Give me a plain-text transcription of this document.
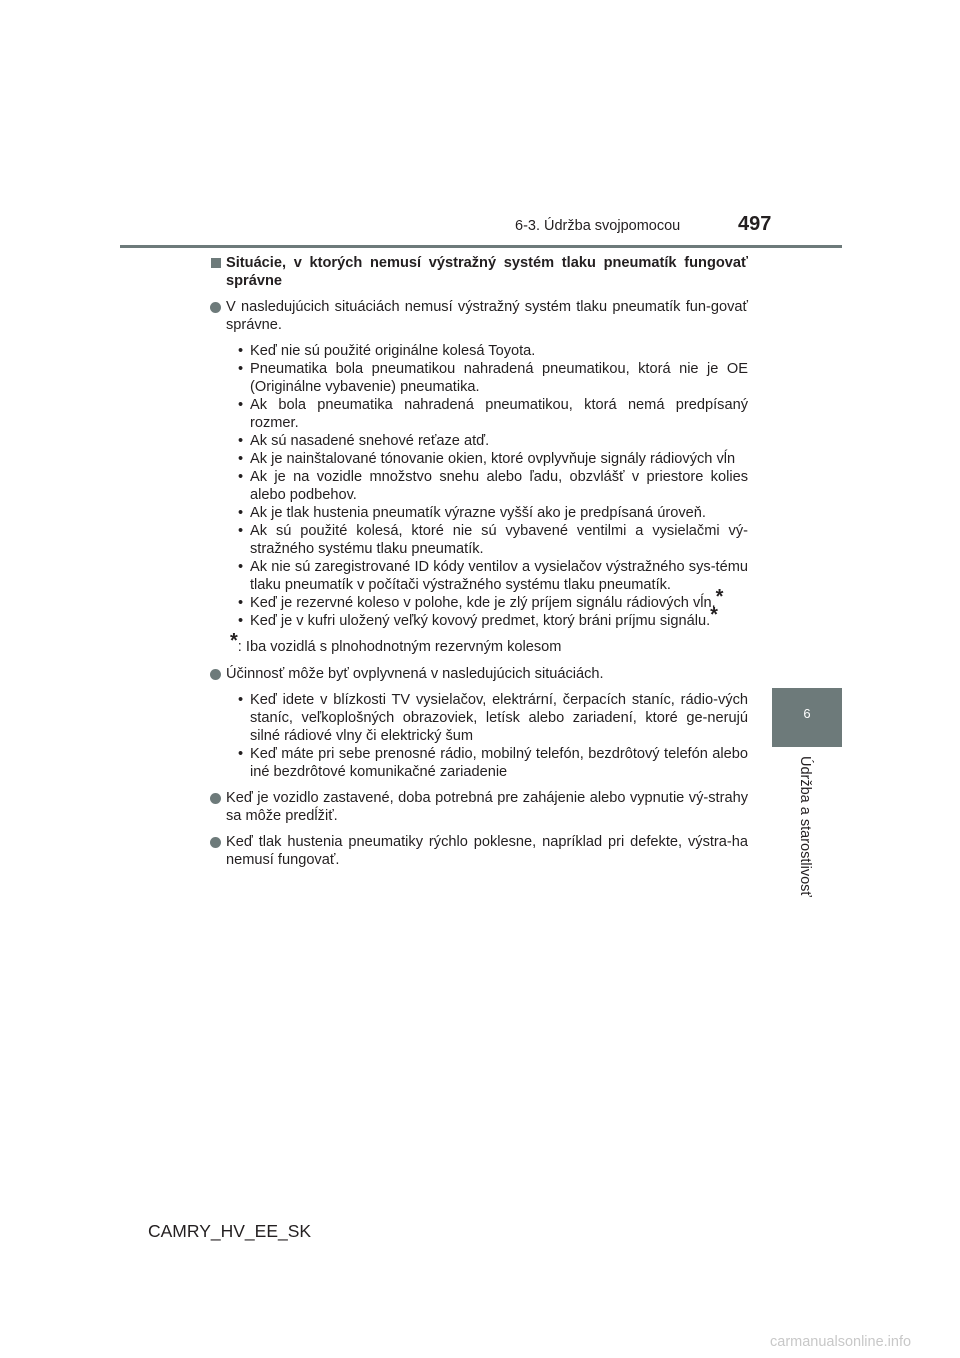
6-3. Údržba svojpomocou	497
6
Údržba a starostlivosť
Situácie, v ktorých nemusí výstražný systém tlaku pneumatík fungovať správne
V nasledujúcich situáciách nemusí výstražný systém tlaku pneumatík fun-govať správne.
• Keď nie sú použité originálne kolesá Toyota.
• Pneumatika bola pneumatikou nahradená pneumatikou, ktorá nie je OE (Originálne vybavenie) pneumatika.
• Ak bola pneumatika nahradená pneumatikou, ktorá nemá predpísaný rozmer.
• Ak sú nasadené snehové reťaze atď.
• Ak je nainštalované tónovanie okien, ktoré ovplyvňuje signály rádiových vĺn
• Ak je na vozidle množstvo snehu alebo ľadu, obzvlášť v priestore kolies alebo podbehov.
• Ak je tlak hustenia pneumatík výrazne vyšší ako je predpísaná úroveň.
• Ak sú použité kolesá, ktoré nie sú vybavené ventilmi a vysielačmi vý-stražného systému tlaku pneumatík.
• Ak nie sú zaregistrované ID kódy ventilov a vysielačov výstražného sys-tému tlaku pneumatík v počítači výstražného systému tlaku pneumatík.
• Keď je rezervné koleso v polohe, kde je zlý príjem signálu rádiových vĺn.*
• Keď je v kufri uložený veľký kovový predmet, ktorý bráni príjmu signálu.*
*: Iba vozidlá s plnohodnotným rezervným kolesom
Účinnosť môže byť ovplyvnená v nasledujúcich situáciách.
• Keď idete v blízkosti TV vysielačov, elektrární, čerpacích staníc, rádio-vých staníc, veľkoplošných obrazoviek, letísk alebo zariadení, ktoré ge-nerujú silné rádiové vlny či elektrický šum
• Keď máte pri sebe prenosné rádio, mobilný telefón, bezdrôtový telefón alebo iné bezdrôtové komunikačné zariadenie
Keď je vozidlo zastavené, doba potrebná pre zahájenie alebo vypnutie vý-strahy sa môže predĺžiť.
Keď tlak hustenia pneumatiky rýchlo poklesne, napríklad pri defekte, výstra-ha nemusí fungovať.
CAMRY_HV_EE_SK
carmanualsonline.info
